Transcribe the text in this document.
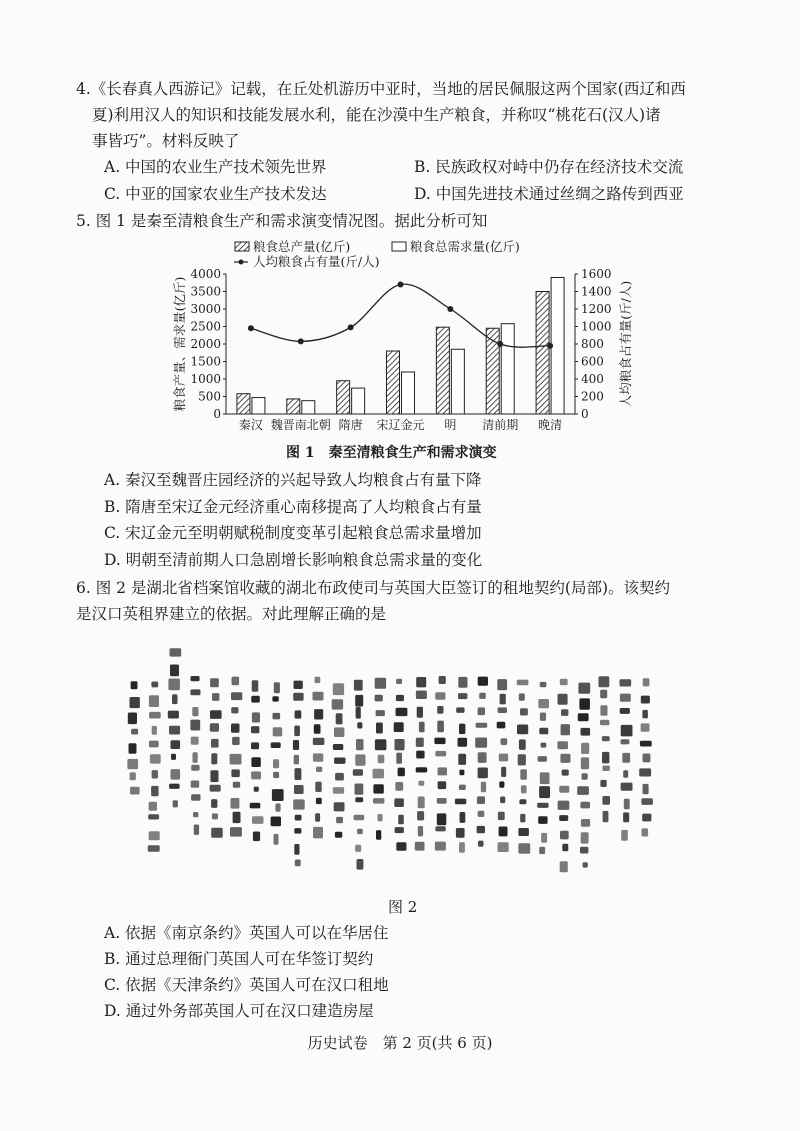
4.《长春真人西游记》记载，在丘处机游历中亚时，当地的居民佩服这两个国家(西辽和西
夏)利用汉人的知识和技能发展水利，能在沙漠中生产粮食，并称叹“桃花石(汉人)诸
事皆巧”。材料反映了
A. 中国的农业生产技术领先世界	B. 民族政权对峙中仍存在经济技术交流
C. 中亚的国家农业生产技术发达	D. 中国先进技术通过丝绸之路传到西亚
5. 图 1 是秦至清粮食生产和需求演变情况图。据此分析可知
0
500
1000
1500
2000
2500
3000
3500
4000
0
200
400
600
800
1000
1200
1400
1600
粮食产量、需求量(亿斤)	人均粮食占有量(斤/人)
秦汉 魏晋南北朝 隋唐 宋辽金元 明 清前期 晚清
粮食总产量(亿斤)	粮食总需求量(亿斤)
人均粮食占有量(斤/人)
图 1　秦至清粮食生产和需求演变
A. 秦汉至魏晋庄园经济的兴起导致人均粮食占有量下降
B. 隋唐至宋辽金元经济重心南移提高了人均粮食占有量
C. 宋辽金元至明朝赋税制度变革引起粮食总需求量增加
D. 明朝至清前期人口急剧增长影响粮食总需求量的变化
6. 图 2 是湖北省档案馆收藏的湖北布政使司与英国大臣签订的租地契约(局部)。该契约
是汉口英租界建立的依据。对此理解正确的是
图 2
A. 依据《南京条约》英国人可以在华居住
B. 通过总理衙门英国人可在华签订契约
C. 依据《天津条约》英国人可在汉口租地
D. 通过外务部英国人可在汉口建造房屋
历史试卷　第 2 页(共 6 页)
